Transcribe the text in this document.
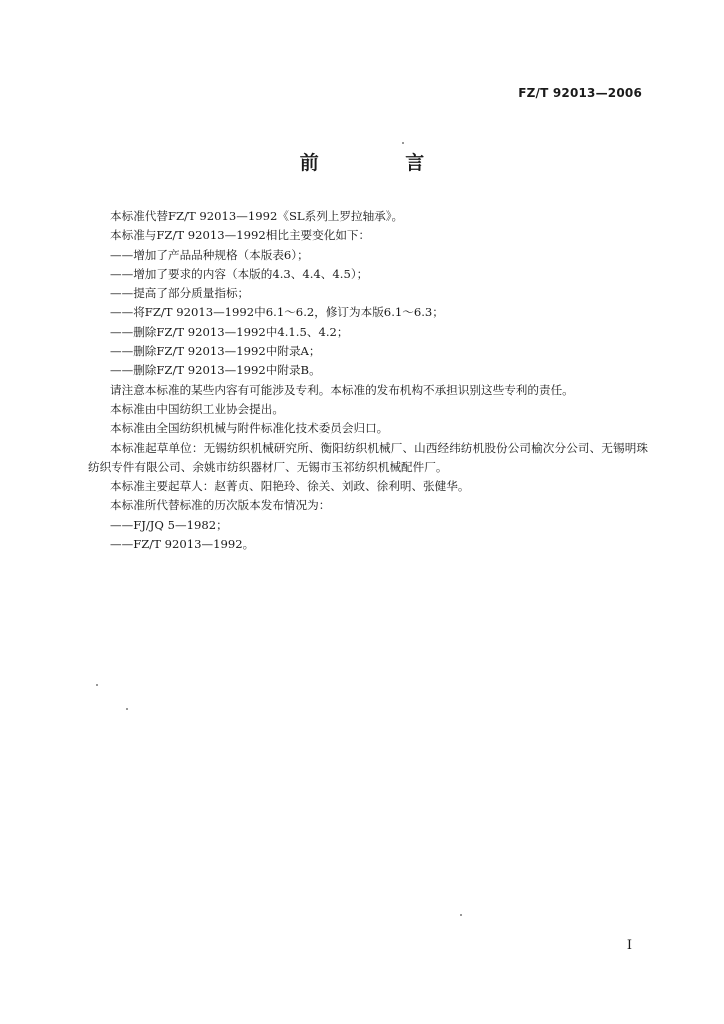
FZ/T 92013—2006
前 言

本标准代替FZ/T 92013—1992《SL系列上罗拉轴承》。

本标准与FZ/T 92013—1992相比主要变化如下：

——增加了产品品种规格（本版表6）；

——增加了要求的内容（本版的4.3、4.4、4.5）；

——提高了部分质量指标；

——将FZ/T 92013—1992中6.1～6.2，修订为本版6.1～6.3；

——删除FZ/T 92013—1992中4.1.5、4.2；

——删除FZ/T 92013—1992中附录A；

——删除FZ/T 92013—1992中附录B。

请注意本标准的某些内容有可能涉及专利。本标准的发布机构不承担识别这些专利的责任。

本标准由中国纺织工业协会提出。

本标准由全国纺织机械与附件标准化技术委员会归口。

本标准起草单位：无锡纺织机械研究所、衡阳纺织机械厂、山西经纬纺机股份公司榆次分公司、无锡明珠纺织专件有限公司、余姚市纺织器材厂、无锡市玉祁纺织机械配件厂。

本标准主要起草人：赵菁贞、阳艳玲、徐关、刘政、徐利明、张健华。

本标准所代替标准的历次版本发布情况为：

——FJ/JQ 5—1982；

——FZ/T 92013—1992。

I
